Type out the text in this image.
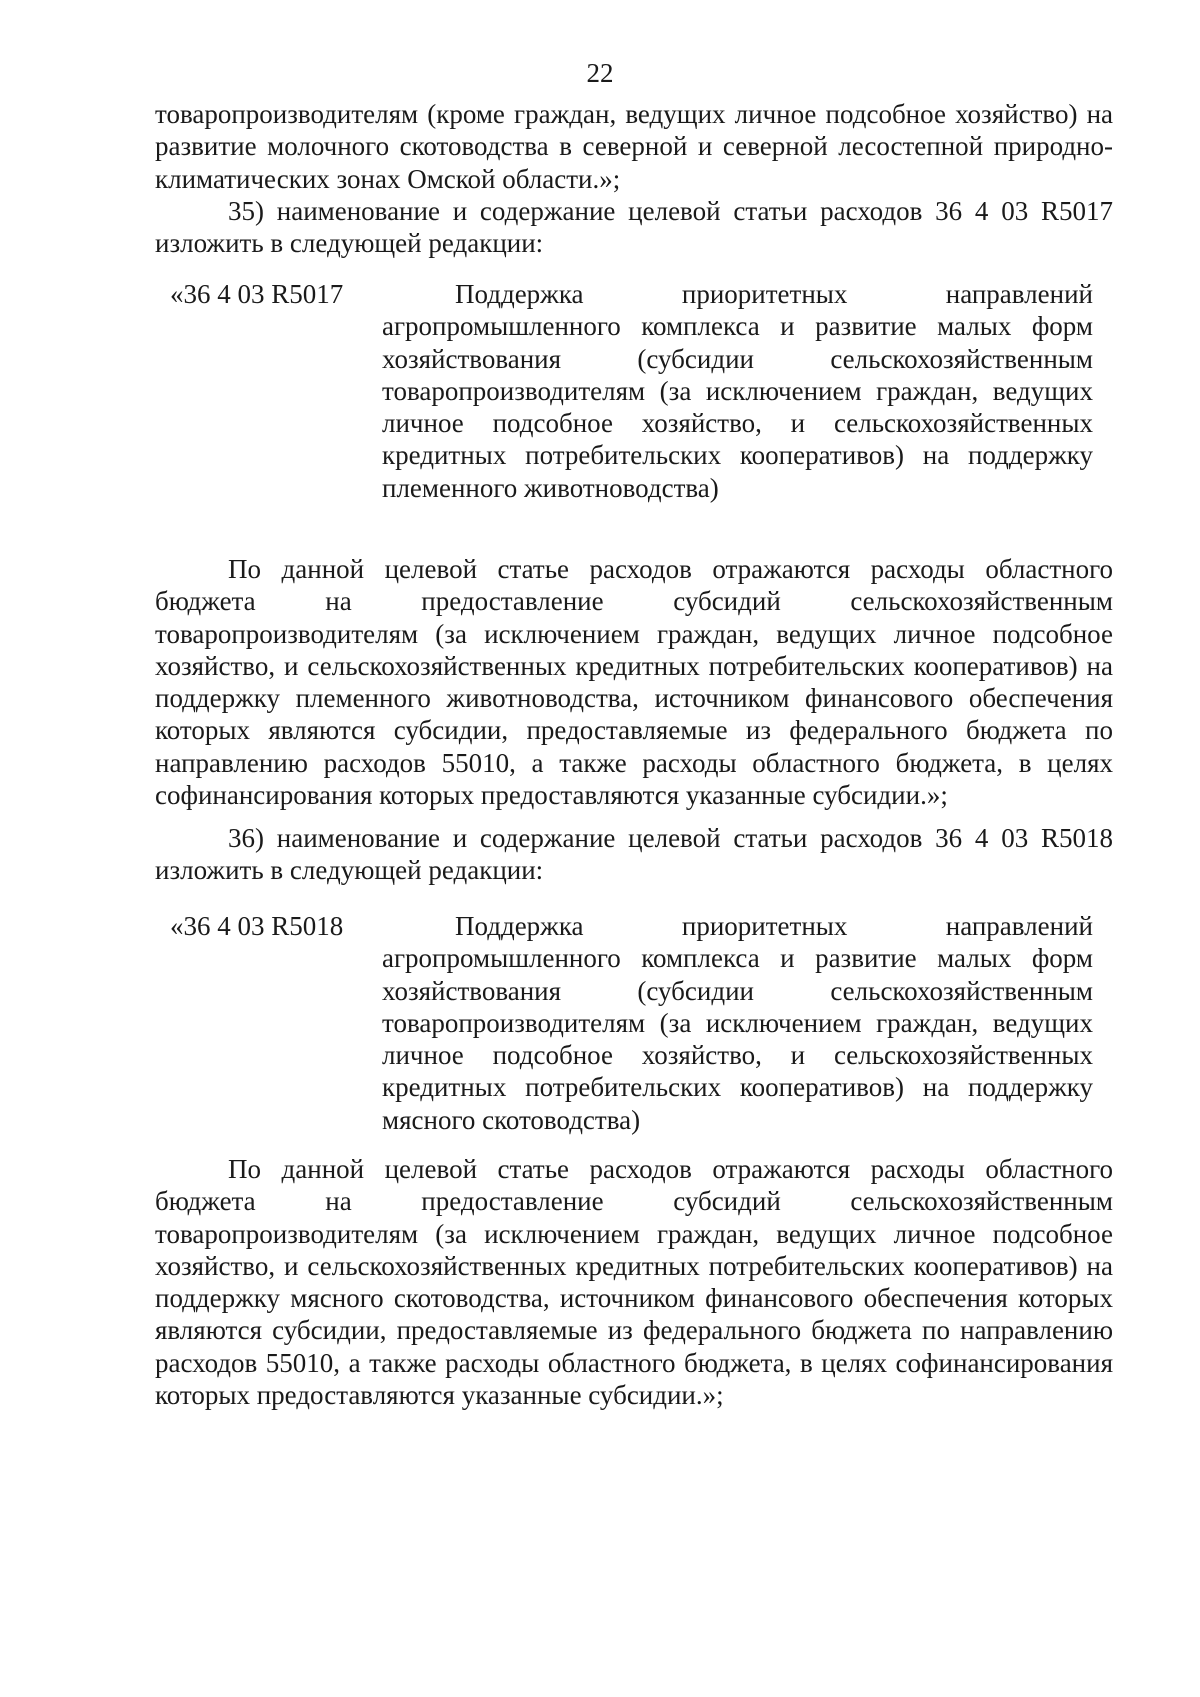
22

товаропроизводителям (кроме граждан, ведущих личное подсобное хозяйство) на развитие молочного скотоводства в северной и северной лесостепной природно-климатических зонах Омской области.»;

35) наименование и содержание целевой статьи расходов 36 4 03 R5017 изложить в следующей редакции:

«36 4 03 R5017	Поддержка приоритетных направлений агропромышленного комплекса и развитие малых форм хозяйствования (субсидии сельскохозяйственным товаропроизводителям (за исключением граждан, ведущих личное подсобное хозяйство, и сельскохозяйственных кредитных потребительских кооперативов) на поддержку племенного животноводства)

По данной целевой статье расходов отражаются расходы областного бюджета на предоставление субсидий сельскохозяйственным товаропроизводителям (за исключением граждан, ведущих личное подсобное хозяйство, и сельскохозяйственных кредитных потребительских кооперативов) на поддержку племенного животноводства, источником финансового обеспечения которых являются субсидии, предоставляемые из федерального бюджета по направлению расходов 55010, а также расходы областного бюджета, в целях софинансирования которых предоставляются указанные субсидии.»;

36) наименование и содержание целевой статьи расходов 36 4 03 R5018 изложить в следующей редакции:

«36 4 03 R5018	Поддержка приоритетных направлений агропромышленного комплекса и развитие малых форм хозяйствования (субсидии сельскохозяйственным товаропроизводителям (за исключением граждан, ведущих личное подсобное хозяйство, и сельскохозяйственных кредитных потребительских кооперативов) на поддержку мясного скотоводства)

По данной целевой статье расходов отражаются расходы областного бюджета на предоставление субсидий сельскохозяйственным товаропроизводителям (за исключением граждан, ведущих личное подсобное хозяйство, и сельскохозяйственных кредитных потребительских кооперативов) на поддержку мясного скотоводства, источником финансового обеспечения которых являются субсидии, предоставляемые из федерального бюджета по направлению расходов 55010, а также расходы областного бюджета, в целях софинансирования которых предоставляются указанные субсидии.»;
